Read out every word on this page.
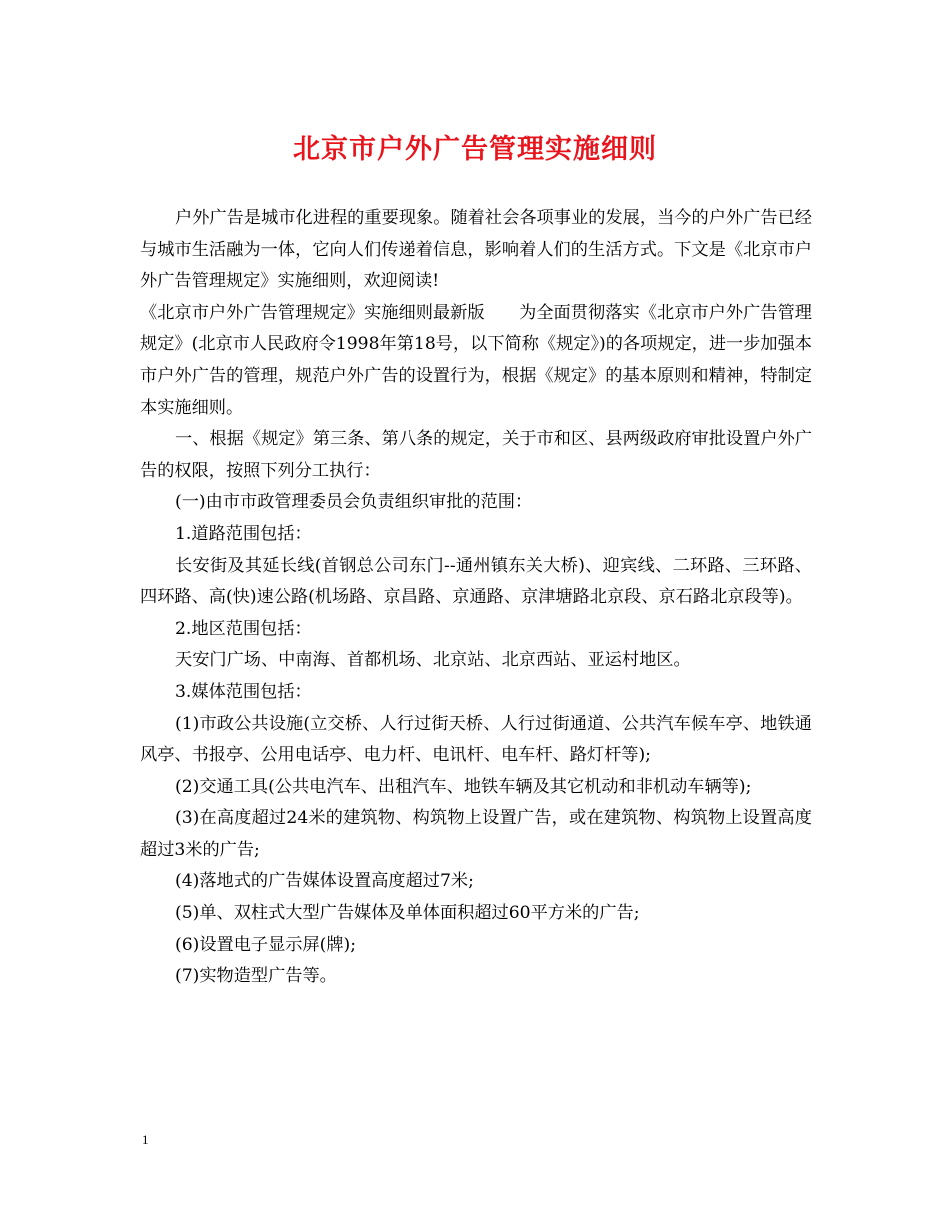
北京市户外广告管理实施细则

户外广告是城市化进程的重要现象。随着社会各项事业的发展，当今的户外广告已经与城市生活融为一体，它向人们传递着信息，影响着人们的生活方式。下文是《北京市户外广告管理规定》实施细则，欢迎阅读!

《北京市户外广告管理规定》实施细则最新版　　为全面贯彻落实《北京市户外广告管理规定》(北京市人民政府令1998年第18号，以下简称《规定》)的各项规定，进一步加强本市户外广告的管理，规范户外广告的设置行为，根据《规定》的基本原则和精神，特制定本实施细则。

一、根据《规定》第三条、第八条的规定，关于市和区、县两级政府审批设置户外广告的权限，按照下列分工执行：

(一)由市市政管理委员会负责组织审批的范围：

1.道路范围包括：

长安街及其延长线(首钢总公司东门--通州镇东关大桥)、迎宾线、二环路、三环路、四环路、高(快)速公路(机场路、京昌路、京通路、京津塘路北京段、京石路北京段等)。

2.地区范围包括：

天安门广场、中南海、首都机场、北京站、北京西站、亚运村地区。

3.媒体范围包括：

(1)市政公共设施(立交桥、人行过街天桥、人行过街通道、公共汽车候车亭、地铁通风亭、书报亭、公用电话亭、电力杆、电讯杆、电车杆、路灯杆等);

(2)交通工具(公共电汽车、出租汽车、地铁车辆及其它机动和非机动车辆等);

(3)在高度超过24米的建筑物、构筑物上设置广告，或在建筑物、构筑物上设置高度超过3米的广告;

(4)落地式的广告媒体设置高度超过7米;

(5)单、双柱式大型广告媒体及单体面积超过60平方米的广告;

(6)设置电子显示屏(牌);

(7)实物造型广告等。

1
